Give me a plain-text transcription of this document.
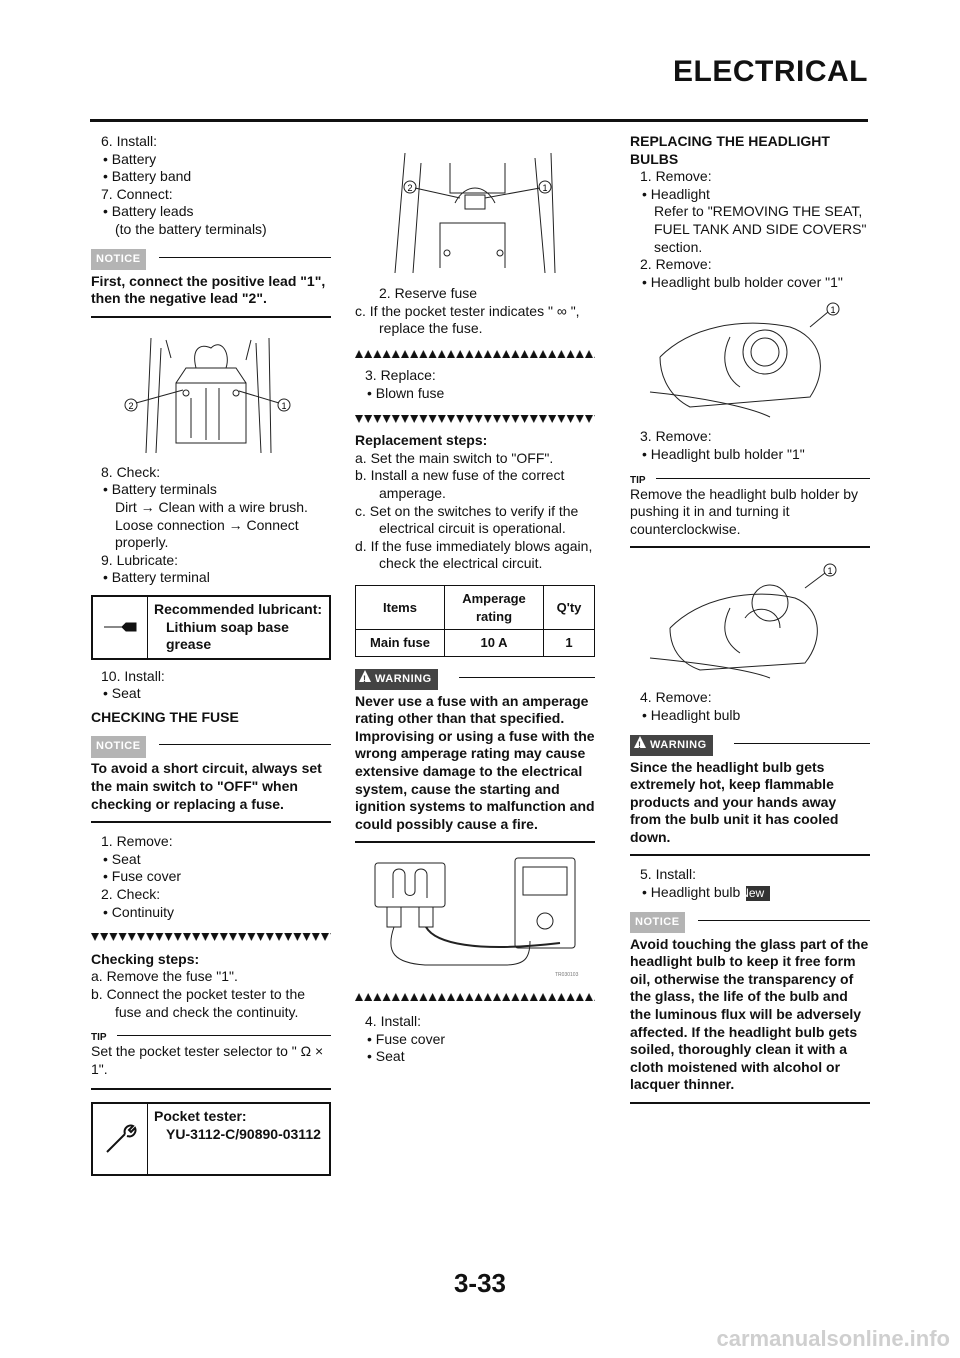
ELECTRICAL

6. Install:

• Battery

• Battery band

7. Connect:

• Battery leads

(to the battery terminals)

NOTICE

First, connect the positive lead "1", then the negative lead "2".

2	1

8. Check:

• Battery terminals

Dirt → Clean with a wire brush.

Loose connection → Connect properly.

9. Lubricate:

• Battery terminal

Recommended lubricant:
Lithium soap base grease

10. Install:

• Seat

CHECKING THE FUSE

NOTICE

To avoid a short circuit, always set the main switch to "OFF" when checking or replacing a fuse.

1. Remove:

• Seat

• Fuse cover

2. Check:

• Continuity

Checking steps:

a. Remove the fuse "1".

b. Connect the pocket tester to the fuse and check the continuity.

TIP

Set the pocket tester selector to " Ω × 1".

Pocket tester:
YU-3112-C/90890-03112
2	1

2. Reserve fuse

c. If the pocket tester indicates " ∞ ", replace the fuse.

3. Replace:

• Blown fuse

Replacement steps:

a. Set the main switch to "OFF".

b. Install a new fuse of the correct amperage.

c. Set on the switches to verify if the electrical circuit is operational.

d. If the fuse immediately blows again, check the electrical circuit.

Items	Amperage rating	Q'ty
Main fuse	10 A	1
!
WARNING

Never use a fuse with an amperage rating other than that specified. Improvising or using a fuse with the wrong amperage rating may cause extensive damage to the electrical system, cause the starting and ignition systems to malfunction and could possibly cause a fire.

TR030103

4. Install:

• Fuse cover

• Seat

REPLACING THE HEADLIGHT BULBS

1. Remove:

• Headlight

Refer to "REMOVING THE SEAT, FUEL TANK AND SIDE COVERS" section.

2. Remove:

• Headlight bulb holder cover "1"

1

3. Remove:

• Headlight bulb holder "1"

TIP

Remove the headlight bulb holder by pushing it in and turning it counterclockwise.

1

4. Remove:

• Headlight bulb

!
WARNING

Since the headlight bulb gets extremely hot, keep flammable products and your hands away from the bulb unit it has cooled down.

5. Install:

• Headlight bulb New

NOTICE

Avoid touching the glass part of the headlight bulb to keep it free form oil, otherwise the transparency of the glass, the life of the bulb and the luminous flux will be adversely affected. If the headlight bulb gets soiled, thoroughly clean it with a cloth moistened with alcohol or lacquer thinner.

3-33
carmanualsonline.info
